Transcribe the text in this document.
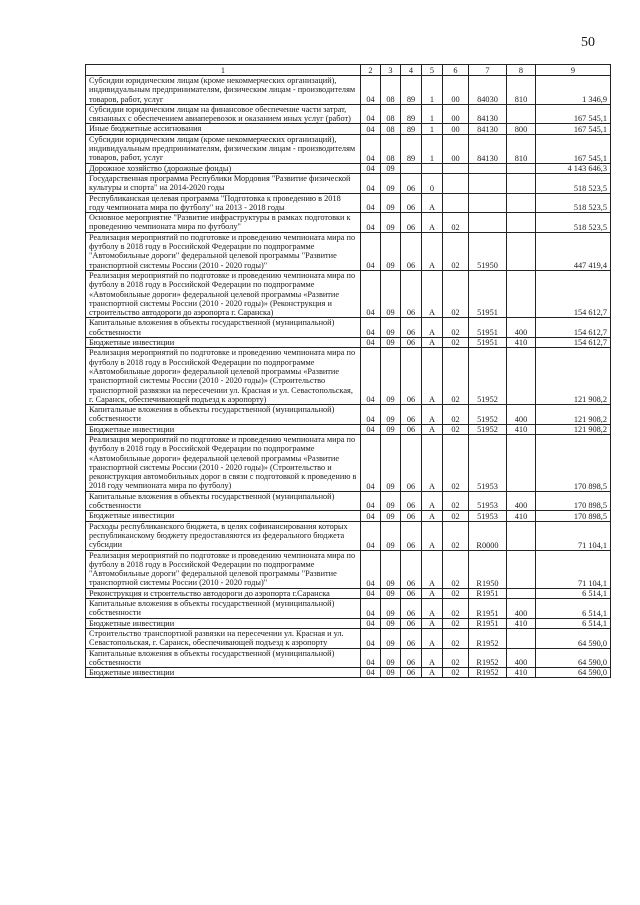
50
1	2	3	4	5	6	7	8	9
Субсидии юридическим лицам (кроме некоммерческих организаций), индивидуальным предпринимателям, физическим лицам - производителям товаров, работ, услуг	04	08	89	1	00	84030	810	1 346,9
Субсидии юридическим лицам на финансовое обеспечение части затрат, связанных с обеспечением авиаперевозок и оказанием иных услуг (работ)	04	08	89	1	00	84130		167 545,1
Иные бюджетные ассигнования	04	08	89	1	00	84130	800	167 545,1
Субсидии юридическим лицам (кроме некоммерческих организаций), индивидуальным предпринимателям, физическим лицам - производителям товаров, работ, услуг	04	08	89	1	00	84130	810	167 545,1
Дорожное хозяйство (дорожные фонды)	04	09						4 143 646,3
Государственная программа Республики Мордовия "Развитие физической культуры и спорта" на 2014-2020 годы	04	09	06	0				518 523,5
Республиканская целевая программа "Подготовка к проведению в 2018 году чемпионата мира по футболу" на 2013 - 2018 годы	04	09	06	А				518 523,5
Основное мероприятие "Развитие инфраструктуры в рамках подготовки к проведению чемпионата мира по футболу"	04	09	06	А	02			518 523,5
Реализация мероприятий по подготовке и проведению чемпионата мира по футболу в 2018 году в Российской Федерации по подпрограмме "Автомобильные дороги" федеральной целевой программы "Развитие транспортной системы России (2010 - 2020 годы)"	04	09	06	А	02	51950		447 419,4
Реализация мероприятий по подготовке и проведению чемпионата мира по футболу в 2018 году в Российской Федерации по подпрограмме «Автомобильные дороги» федеральной целевой программы «Развитие транспортной системы России (2010 - 2020 годы)» (Реконструкция и строительство автодороги до аэропорта г. Саранска)	04	09	06	А	02	51951		154 612,7
Капитальные вложения в объекты государственной (муниципальной) собственности	04	09	06	А	02	51951	400	154 612,7
Бюджетные инвестиции	04	09	06	А	02	51951	410	154 612,7
Реализация мероприятий по подготовке и проведению чемпионата мира по футболу в 2018 году в Российской Федерации по подпрограмме «Автомобильные дороги» федеральной целевой программы «Развитие транспортной системы России (2010 - 2020 годы)» (Строительство транспортной развязки на пересечении ул. Красная и ул. Севастопольская, г. Саранск, обеспечивающей подъезд к аэропорту)	04	09	06	А	02	51952		121 908,2
Капитальные вложения в объекты государственной (муниципальной) собственности	04	09	06	А	02	51952	400	121 908,2
Бюджетные инвестиции	04	09	06	А	02	51952	410	121 908,2
Реализация мероприятий по подготовке и проведению чемпионата мира по футболу в 2018 году в Российской Федерации по подпрограмме «Автомобильные дороги» федеральной целевой программы «Развитие транспортной системы России (2010 - 2020 годы)» (Строительство и реконструкция автомобильных дорог в связи с подготовкой к проведению в 2018 году чемпионата мира по футболу)	04	09	06	А	02	51953		170 898,5
Капитальные вложения в объекты государственной (муниципальной) собственности	04	09	06	А	02	51953	400	170 898,5
Бюджетные инвестиции	04	09	06	А	02	51953	410	170 898,5
Расходы республиканского бюджета, в целях софинансирования которых республиканскому бюджету предоставляются из федерального бюджета субсидии	04	09	06	А	02	R0000		71 104,1
Реализация мероприятий по подготовке и проведению чемпионата мира по футболу в 2018 году в Российской Федерации по подпрограмме "Автомобильные дороги" федеральной целевой программы "Развитие транспортной системы России (2010 - 2020 годы)"	04	09	06	А	02	R1950		71 104,1
Реконструкция и строительство автодороги до аэропорта г.Саранска	04	09	06	А	02	R1951		6 514,1
Капитальные вложения в объекты государственной (муниципальной) собственности	04	09	06	А	02	R1951	400	6 514,1
Бюджетные инвестиции	04	09	06	А	02	R1951	410	6 514,1
Строительство транспортной развязки на пересечении ул. Красная и ул. Севастопольская, г. Саранск, обеспечивающей подъезд к аэропорту	04	09	06	А	02	R1952		64 590,0
Капитальные вложения в объекты государственной (муниципальной) собственности	04	09	06	А	02	R1952	400	64 590,0
Бюджетные инвестиции	04	09	06	А	02	R1952	410	64 590,0
